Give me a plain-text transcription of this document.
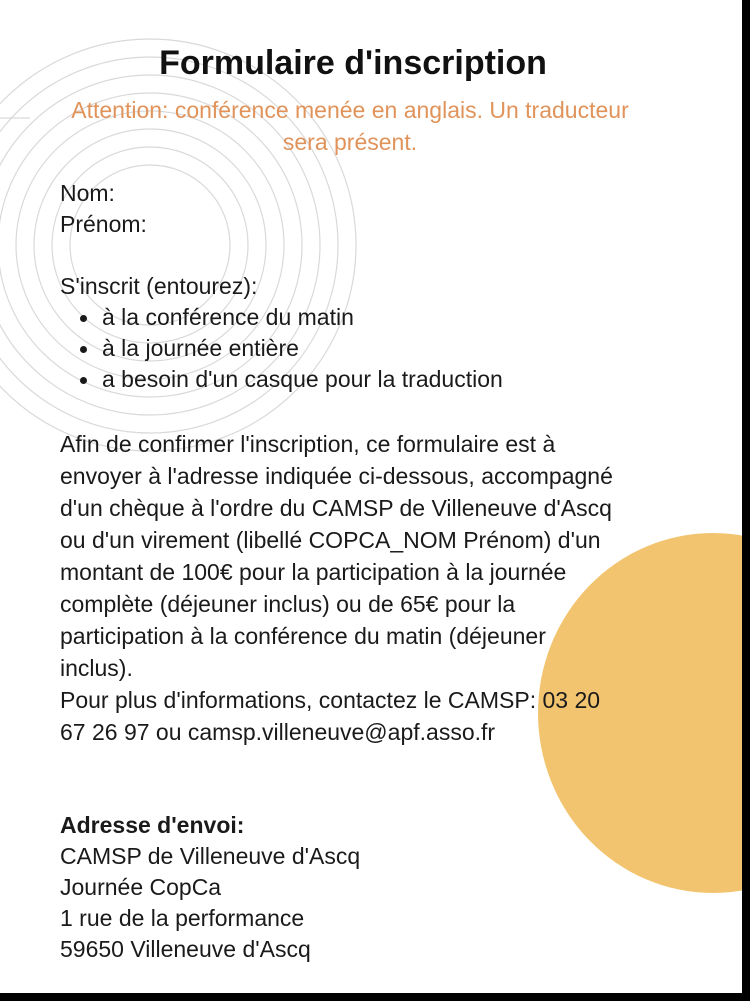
Formulaire d'inscription
Attention: conférence menée en anglais. Un traducteur
sera présent.
Nom:
Prénom:
S'inscrit (entourez):
à la conférence du matin
à la journée entière
a besoin d'un casque pour la traduction
Afin de confirmer l'inscription, ce formulaire est à
envoyer à l'adresse indiquée ci-dessous, accompagné
d'un chèque à l'ordre du CAMSP de Villeneuve d'Ascq
ou d'un virement (libellé COPCA_NOM Prénom) d'un
montant de 100€ pour la participation à la journée
complète (déjeuner inclus) ou de 65€ pour la
participation à la conférence du matin (déjeuner
inclus).
Pour plus d'informations, contactez le CAMSP: 03 20
67 26 97 ou camsp.villeneuve@apf.asso.fr
Adresse d'envoi:
CAMSP de Villeneuve d'Ascq
Journée CopCa
1 rue de la performance
59650 Villeneuve d'Ascq
